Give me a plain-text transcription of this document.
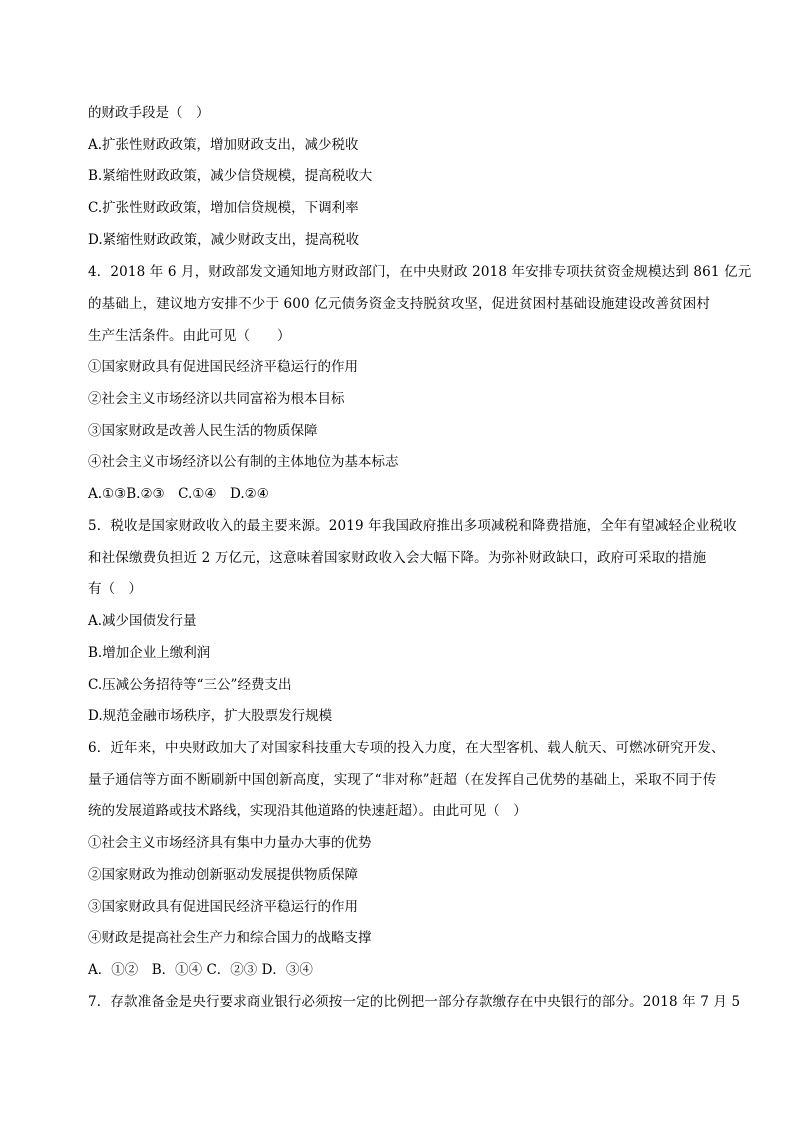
的财政手段是（　）
A.扩张性财政政策，增加财政支出，减少税收
B.紧缩性财政政策，减少信贷规模，提高税收大
C.扩张性财政政策，增加信贷规模，下调利率
D.紧缩性财政政策，减少财政支出，提高税收
4．2018 年 6 月，财政部发文通知地方财政部门，在中央财政 2018 年安排专项扶贫资金规模达到 861 亿元
的基础上，建议地方安排不少于 600 亿元债务资金支持脱贫攻坚，促进贫困村基础设施建设改善贫困村
生产生活条件。由此可见（　　）
①国家财政具有促进国民经济平稳运行的作用
②社会主义市场经济以共同富裕为根本目标
③国家财政是改善人民生活的物质保障
④社会主义市场经济以公有制的主体地位为基本标志
A.①③B.②③　C.①④　D.②④
5．税收是国家财政收入的最主要来源。2019 年我国政府推出多项减税和降费措施，全年有望减轻企业税收
和社保缴费负担近 2 万亿元，这意味着国家财政收入会大幅下降。为弥补财政缺口，政府可采取的措施
有（　）
A.减少国债发行量
B.增加企业上缴利润
C.压减公务招待等“三公”经费支出
D.规范金融市场秩序，扩大股票发行规模
6．近年来，中央财政加大了对国家科技重大专项的投入力度，在大型客机、载人航天、可燃冰研究开发、
量子通信等方面不断刷新中国创新高度，实现了“非对称”赶超（在发挥自己优势的基础上，采取不同于传
统的发展道路或技术路线，实现沿其他道路的快速赶超）。由此可见（　）
①社会主义市场经济具有集中力量办大事的优势
②国家财政为推动创新驱动发展提供物质保障
③国家财政具有促进国民经济平稳运行的作用
④财政是提高社会生产力和综合国力的战略支撑
A．①②　B．①④ C．②③ D．③④
7．存款准备金是央行要求商业银行必须按一定的比例把一部分存款缴存在中央银行的部分。2018 年 7 月 5
